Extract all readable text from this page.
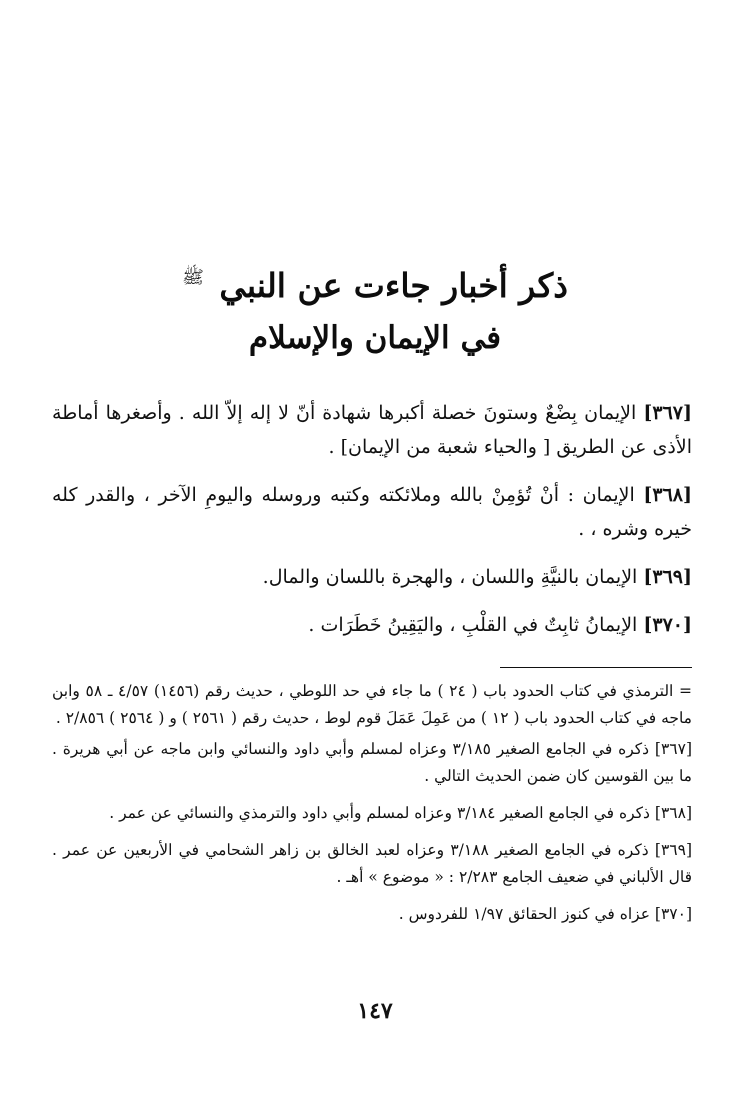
ذكر أخبار جاءت عن النبي $^ﷺ$
في الإيمان والإسلام

[٣٦٧] الإيمان بِضْعٌ وستونَ خصلة أكبرها شهادة أنّ لا إله إلاّ الله . وأصغرها أماطة الأذى عن الطريق [ والحياء شعبة من الإيمان] .

[٣٦٨] الإيمان : أنْ تُؤمِنْ بالله وملائكته وكتبه وروسله واليومِ الآخر ، والقدر كله خيره وشره ، .

[٣٦٩] الإيمان بالنيَّةِ واللسان ، والهجرة باللسان والمال.

[٣٧٠] الإيمانُ ثابِتٌ في القلْبِ ، واليَقِينُ خَطَرَات .

= الترمذي في كتاب الحدود باب ( ٢٤ ) ما جاء في حد اللوطي ، حديث رقم (١٤٥٦) ٤/٥٧ ـ ٥٨ وابن ماجه في كتاب الحدود باب ( ١٢ ) من عَمِلَ عَمَلَ قوم لوط ، حديث رقم ( ٢٥٦١ ) و ( ٢٥٦٤ ) ٢/٨٥٦ .

[٣٦٧] ذكره في الجامع الصغير ٣/١٨٥ وعزاه لمسلم وأبي داود والنسائي وابن ماجه عن أبي هريرة . ما بين القوسين كان ضمن الحديث التالي .

[٣٦٨] ذكره في الجامع الصغير ٣/١٨٤ وعزاه لمسلم وأبي داود والترمذي والنسائي عن عمر .

[٣٦٩] ذكره في الجامع الصغير ٣/١٨٨ وعزاه لعبد الخالق بن زاهر الشحامي في الأربعين عن عمر . قال الألباني في ضعيف الجامع ٢/٢٨٣ : « موضوع » أهـ .

[٣٧٠] عزاه في كنوز الحقائق ١/٩٧ للفردوس .

١٤٧
